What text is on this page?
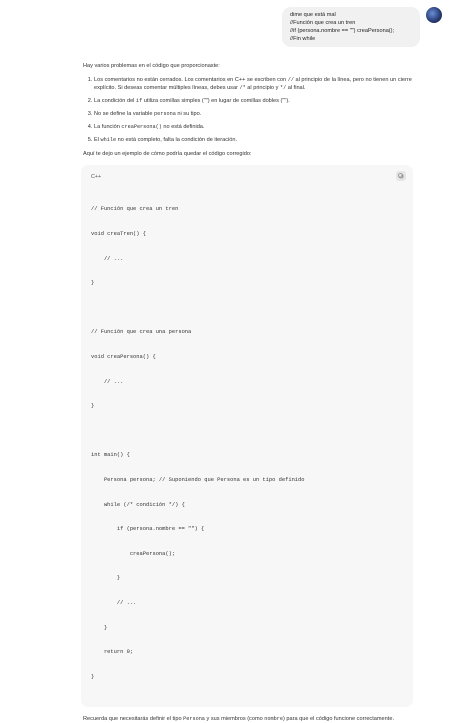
dime que está mal
//Función que crea un tren
//if (persona.nombre == "") creaPersona();
//Fin while

Hay varios problemas en el código que proporcionaste:

1. Los comentarios no están cerrados. Los comentarios en C++ se escriben con // al principio de la línea, pero no tienen un cierre explícito. Si deseas comentar múltiples líneas, debes usar /* al principio y */ al final.
2. La condición del if utiliza comillas simples ("") en lugar de comillas dobles ("").
3. No se define la variable persona ni su tipo.
4. La función creaPersona() no está definida.
5. El while no está completo, falta la condición de iteración.

Aquí te dejo un ejemplo de cómo podría quedar el código corregido:

C++

// Función que crea un tren

void creaTren() {

// ...

}

// Función que crea una persona

void creaPersona() {

// ...

}

int main() {

Persona persona; // Suponiendo que Persona es un tipo definido

while (/* condición */) {

if (persona.nombre == "") {

creaPersona();

}

// ...

}

return 0;

}

Recuerda que necesitarás definir el tipo Persona y sus miembros (como nombre) para que el código funcione correctamente.
